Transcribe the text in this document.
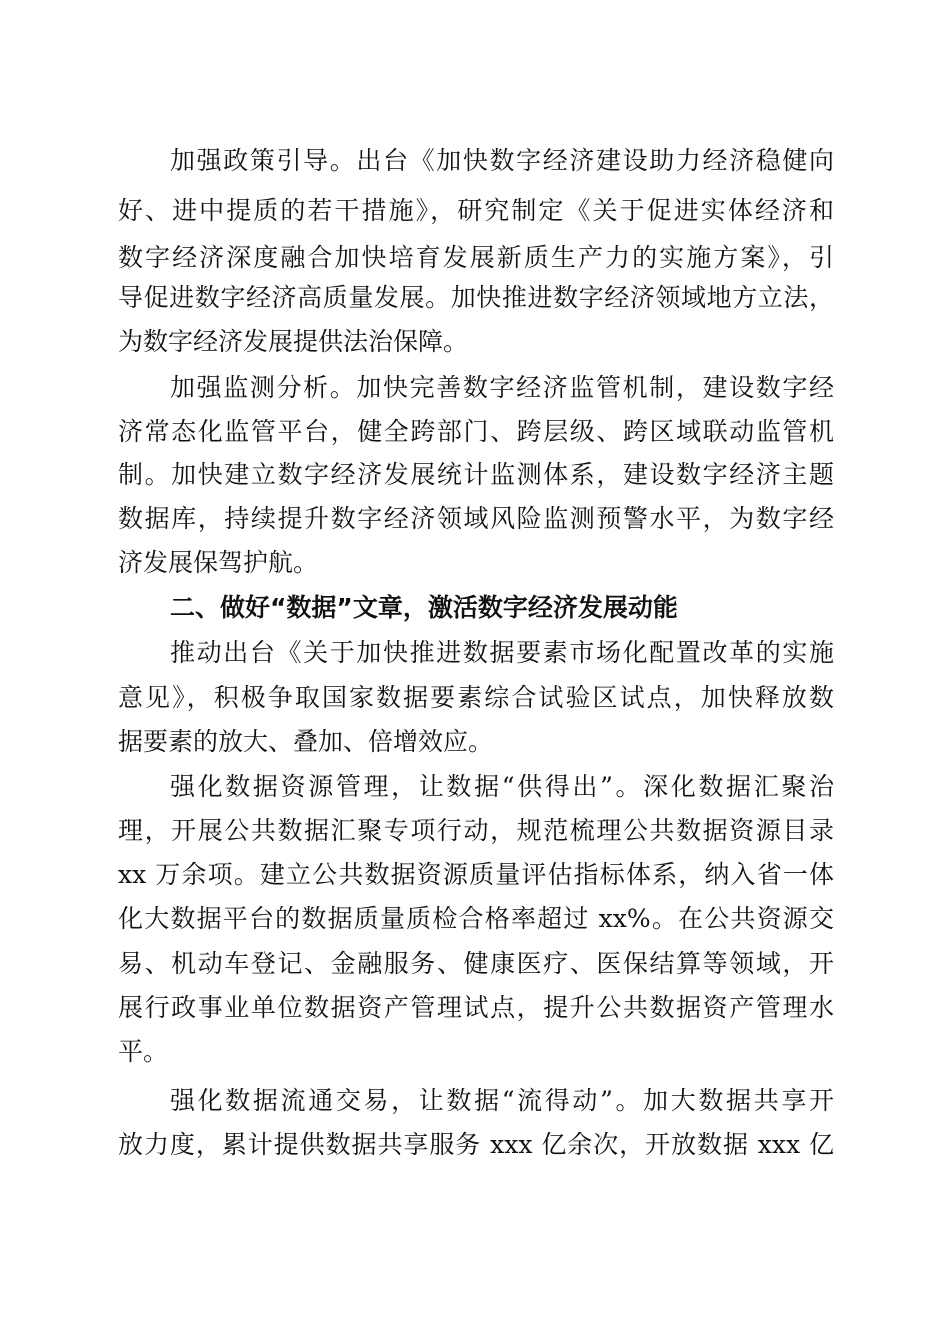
加强政策引导。出台《加快数字经济建设助力经济稳健向
好、进中提质的若干措施》，研究制定《关于促进实体经济和
数字经济深度融合加快培育发展新质生产力的实施方案》，引
导促进数字经济高质量发展。加快推进数字经济领域地方立法，
为数字经济发展提供法治保障。
加强监测分析。加快完善数字经济监管机制，建设数字经
济常态化监管平台，健全跨部门、跨层级、跨区域联动监管机
制。加快建立数字经济发展统计监测体系，建设数字经济主题
数据库，持续提升数字经济领域风险监测预警水平，为数字经
济发展保驾护航。
二、做好“数据”文章，激活数字经济发展动能
推动出台《关于加快推进数据要素市场化配置改革的实施
意见》，积极争取国家数据要素综合试验区试点，加快释放数
据要素的放大、叠加、倍增效应。
强化数据资源管理，让数据“供得出”。深化数据汇聚治
理，开展公共数据汇聚专项行动，规范梳理公共数据资源目录
xx 万余项。建立公共数据资源质量评估指标体系，纳入省一体
化大数据平台的数据质量质检合格率超过 xx%。在公共资源交
易、机动车登记、金融服务、健康医疗、医保结算等领域，开
展行政事业单位数据资产管理试点，提升公共数据资产管理水
平。
强化数据流通交易，让数据“流得动”。加大数据共享开
放力度，累计提供数据共享服务 xxx 亿余次，开放数据 xxx 亿
